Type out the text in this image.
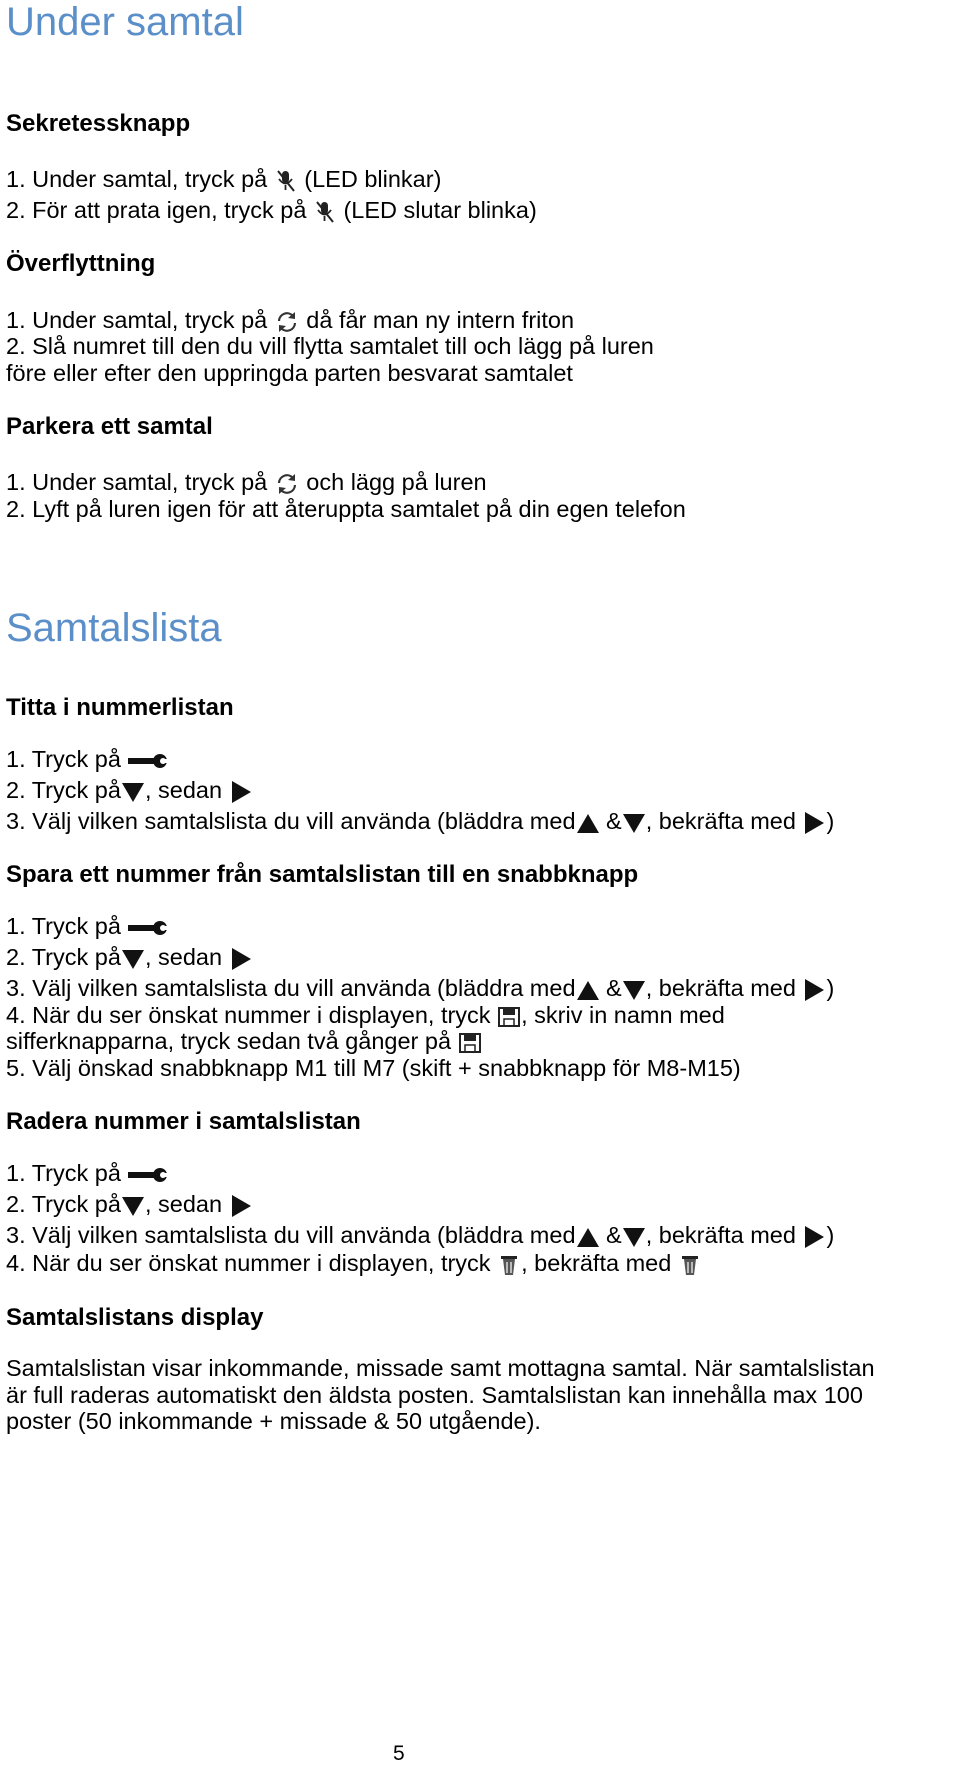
Under samtal
Sekretessknapp
1. Under samtal, tryck på (LED blinkar)
2. För att prata igen, tryck på (LED slutar blinka)
Överflyttning
1. Under samtal, tryck på då får man ny intern friton
2. Slå numret till den du vill flytta samtalet till och lägg på luren
före eller efter den uppringda parten besvarat samtalet
Parkera ett samtal
1. Under samtal, tryck på och lägg på luren
2. Lyft på luren igen för att återuppta samtalet på din egen telefon
Samtalslista
Titta i nummerlistan
1. Tryck på
2. Tryck på , sedan
3. Välj vilken samtalslista du vill använda (bläddra med & , bekräfta med )
Spara ett nummer från samtalslistan till en snabbknapp
1. Tryck på
2. Tryck på , sedan
3. Välj vilken samtalslista du vill använda (bläddra med & , bekräfta med )
4. När du ser önskat nummer i displayen, tryck , skriv in namn med
sifferknapparna, tryck sedan två gånger på
5. Välj önskad snabbknapp M1 till M7 (skift + snabbknapp för M8-M15)
Radera nummer i samtalslistan
1. Tryck på
2. Tryck på , sedan
3. Välj vilken samtalslista du vill använda (bläddra med & , bekräfta med )
4. När du ser önskat nummer i displayen, tryck , bekräfta med
Samtalslistans display
Samtalslistan visar inkommande, missade samt mottagna samtal. När samtalslistan
är full raderas automatiskt den äldsta posten. Samtalslistan kan innehålla max 100
poster (50 inkommande + missade & 50 utgående).
5
